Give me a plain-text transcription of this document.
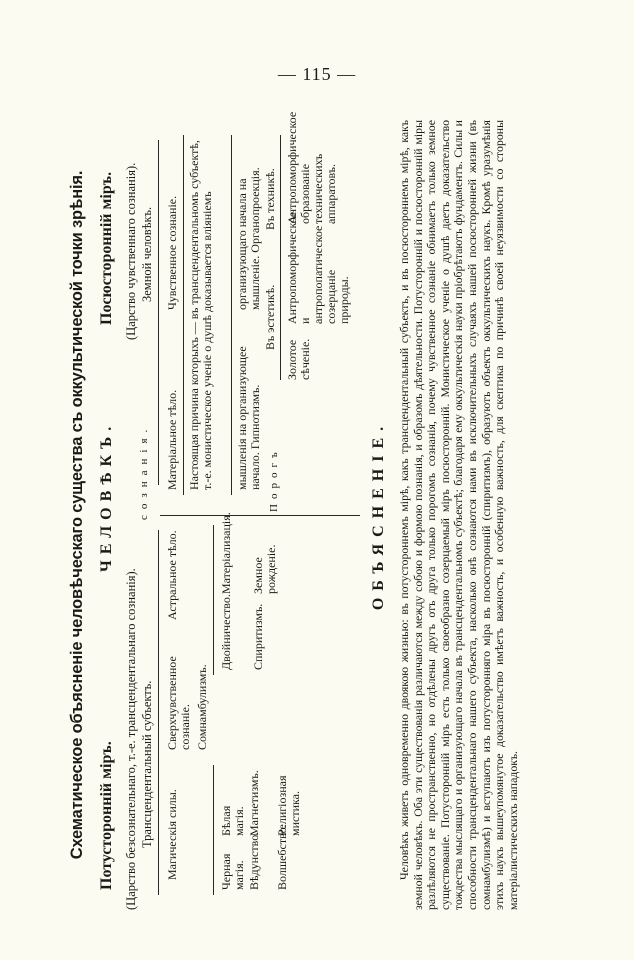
— 115 —
Схематическое объясненіе человѣческаго существа съ оккультической точки зрѣнія. Потусторонній міръ.
ЧЕЛОВѢКЪ.
Посюсторонній міръ.
(Царство безсознательнаго, т.-е. трансцендентальнаго сознанія). Трансцендентальный субъектъ.
(Царство чувственнаго сознанія). Земной человѣкъ.
сознанія.
Магическія силы.
Сверхчувственное сознаніе. Сомнамбулизмъ.
Астральное тѣло.
Черная магія.
Бѣлая магія.
Вѣдунство.
Магнетизмъ.
Волшебство.
Религіозная мистика.
Двойничество.
Матеріализація.
Спиритизмъ.
Земное рожденіе.
Порогъ
Матеріальное тѣло.
Чувственное сознаніе. Настоящая причина которыхъ — въ трансцендентальномъ субъектѣ, т.-е. монистическое ученіе о душѣ доказывается вліяніемъ мышленія на организующее начало. Гипнотизмъ.
организующаго начала на мышленіе. Органопроекція.
Въ эстетикѣ.
Въ техникѣ.
Золотое сѣченіе.
Антропоморфическое и антропопатическое созерцаніе природы.
Антропоморфическое образованіе техническихъ аппаратовъ.
ОБЪЯСНЕНІЕ. Человѣкъ живетъ одновременно двоякою жизнью: въ потустороннемъ мірѣ, какъ трансцендентальный субъектъ, и въ посюстороннемъ мірѣ, какъ земной человѣкъ. Оба эти существованія различаются между собою и формою познанія, и образомъ дѣятельности. Потусторонній и посюсторонній міры разлѣляются не пространственно, но отдѣлены другъ отъ друга только порогомъ сознанія, почему чувственное сознаніе обнимаетъ только земное существованіе. Потусторонній міръ есть только своеобразно созерцаемый міръ посюсторонній. Монистическое ученіе о душѣ даетъ доказательство тождества мыслящаго и организующаго начала въ трансцендентальномъ субъектѣ; благодаря ему оккультическія науки пріобрѣтаютъ фундаментъ. Силы и способности трансцендентальнаго нашего субъекта, насколько онѣ сознаются нами въ исключительныхъ случаяхъ нашей посюсторонней жизни (въ сомнамбулизмѣ) и вступаютъ изъ потусторонняго міра въ посюсторонній (спиритизмъ), образуютъ объектъ оккультическихъ наукъ. Кромѣ уразумѣнія этихъ наукъ вышеупомянутое доказательство имѣетъ важность, и особенную важность, для скептика по причинѣ своей неуязвимости со стороны матеріалистическихъ нападокъ.
